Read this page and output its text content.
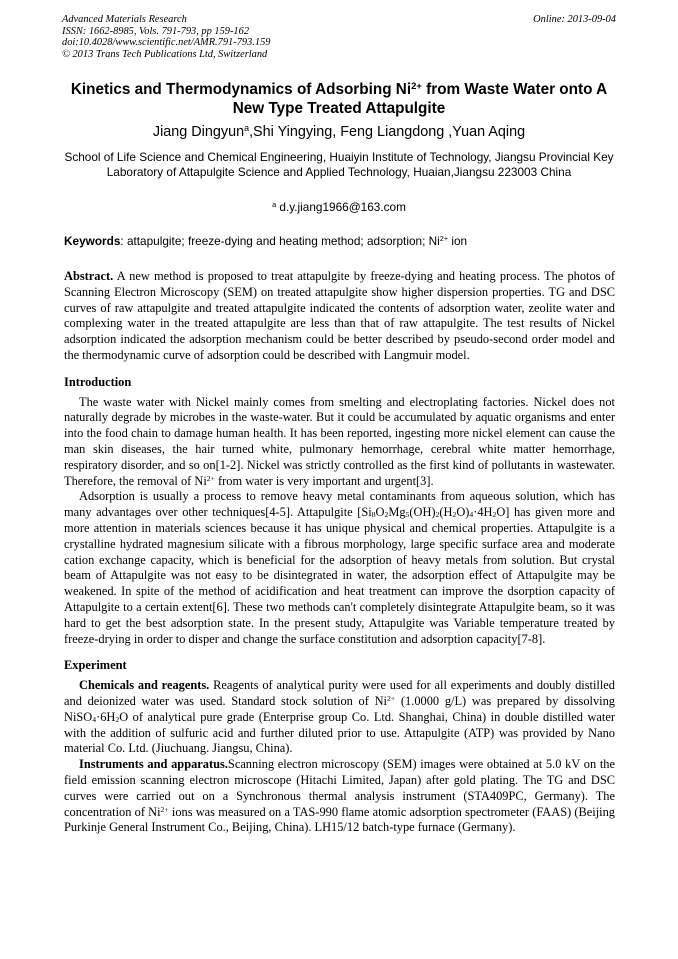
Advanced Materials Research
ISSN: 1662-8985, Vols. 791-793, pp 159-162
doi:10.4028/www.scientific.net/AMR.791-793.159
© 2013 Trans Tech Publications Ltd, Switzerland
Online: 2013-09-04
Kinetics and Thermodynamics of Adsorbing $Ni^{2+}$ from Waste Water onto A New Type Treated Attapulgite
Jiang Dingyun$^a$,Shi Yingying, Feng Liangdong ,Yuan Aqing
School of Life Science and Chemical Engineering, Huaiyin Institute of Technology, Jiangsu Provincial Key Laboratory of Attapulgite Science and Applied Technology, Huaian,Jiangsu 223003 China
$^a$ d.y.jiang1966@163.com
Keywords: attapulgite; freeze-dying and heating method; adsorption; $Ni^{2+}$ ion

Abstract. A new method is proposed to treat attapulgite by freeze-dying and heating process. The photos of Scanning Electron Microscopy (SEM) on treated attapulgite show higher dispersion properties. TG and DSC curves of raw attapulgite and treated attapulgite indicated the contents of adsorption water, zeolite water and complexing water in the treated attapulgite are less than that of raw attapulgite. The test results of Nickel adsorption indicated the adsorption mechanism could be better described by pseudo-second order model and the thermodynamic curve of adsorption could be described with Langmuir model.

Introduction

The waste water with Nickel mainly comes from smelting and electroplating factories. Nickel does not naturally degrade by microbes in the waste-water. But it could be accumulated by aquatic organisms and enter into the food chain to damage human health. It has been reported, ingesting more nickel element can cause the man skin diseases, the hair turned white, pulmonary hemorrhage, cerebral white matter hemorrhage, respiratory disorder, and so on[1-2]. Nickel was strictly controlled as the first kind of pollutants in wastewater. Therefore, the removal of $Ni^{2+}$ from water is very important and urgent[3].

Adsorption is usually a process to remove heavy metal contaminants from aqueous solution, which has many advantages over other techniques[4-5]. Attapulgite $[Si_8O_2Mg_5(OH)_2(H_2O)_4\cdot 4H_2O]$ has given more and more attention in materials sciences because it has unique physical and chemical properties. Attapulgite is a crystalline hydrated magnesium silicate with a fibrous morphology, large specific surface area and moderate cation exchange capacity, which is beneficial for the adsorption of heavy metals from solution. But crystal beam of Attapulgite was not easy to be disintegrated in water, the adsorption effect of Attapulgite may be weakened. In spite of the method of acidification and heat treatment can improve the dsorption capacity of Attapulgite to a certain extent[6]. These two methods can't completely disintegrate Attapulgite beam, so it was hard to get the best adsorption state. In the present study, Attapulgite was Variable temperature treated by freeze-drying in order to disper and change the surface constitution and adsorption capacity[7-8].

Experiment

Chemicals and reagents. Reagents of analytical purity were used for all experiments and doubly distilled and deionized water was used. Standard stock solution of $Ni^{2+}$ (1.0000 g/L) was prepared by dissolving $NiSO_4\cdot 6H_2O$ of analytical pure grade (Enterprise group Co. Ltd. Shanghai, China) in double distilled water with the addition of sulfuric acid and further diluted prior to use. Attapulgite (ATP) was provided by Nano material Co. Ltd. (Jiuchuang. Jiangsu, China).

Instruments and apparatus.Scanning electron microscopy (SEM) images were obtained at 5.0 kV on the field emission scanning electron microscope (Hitachi Limited, Japan) after gold plating. The TG and DSC curves were carried out on a Synchronous thermal analysis instrument (STA409PC, Germany). The concentration of $Ni^{2+}$ ions was measured on a TAS-990 flame atomic adsorption spectrometer (FAAS) (Beijing Purkinje General Instrument Co., Beijing, China). LH15/12 batch-type furnace (Germany).
